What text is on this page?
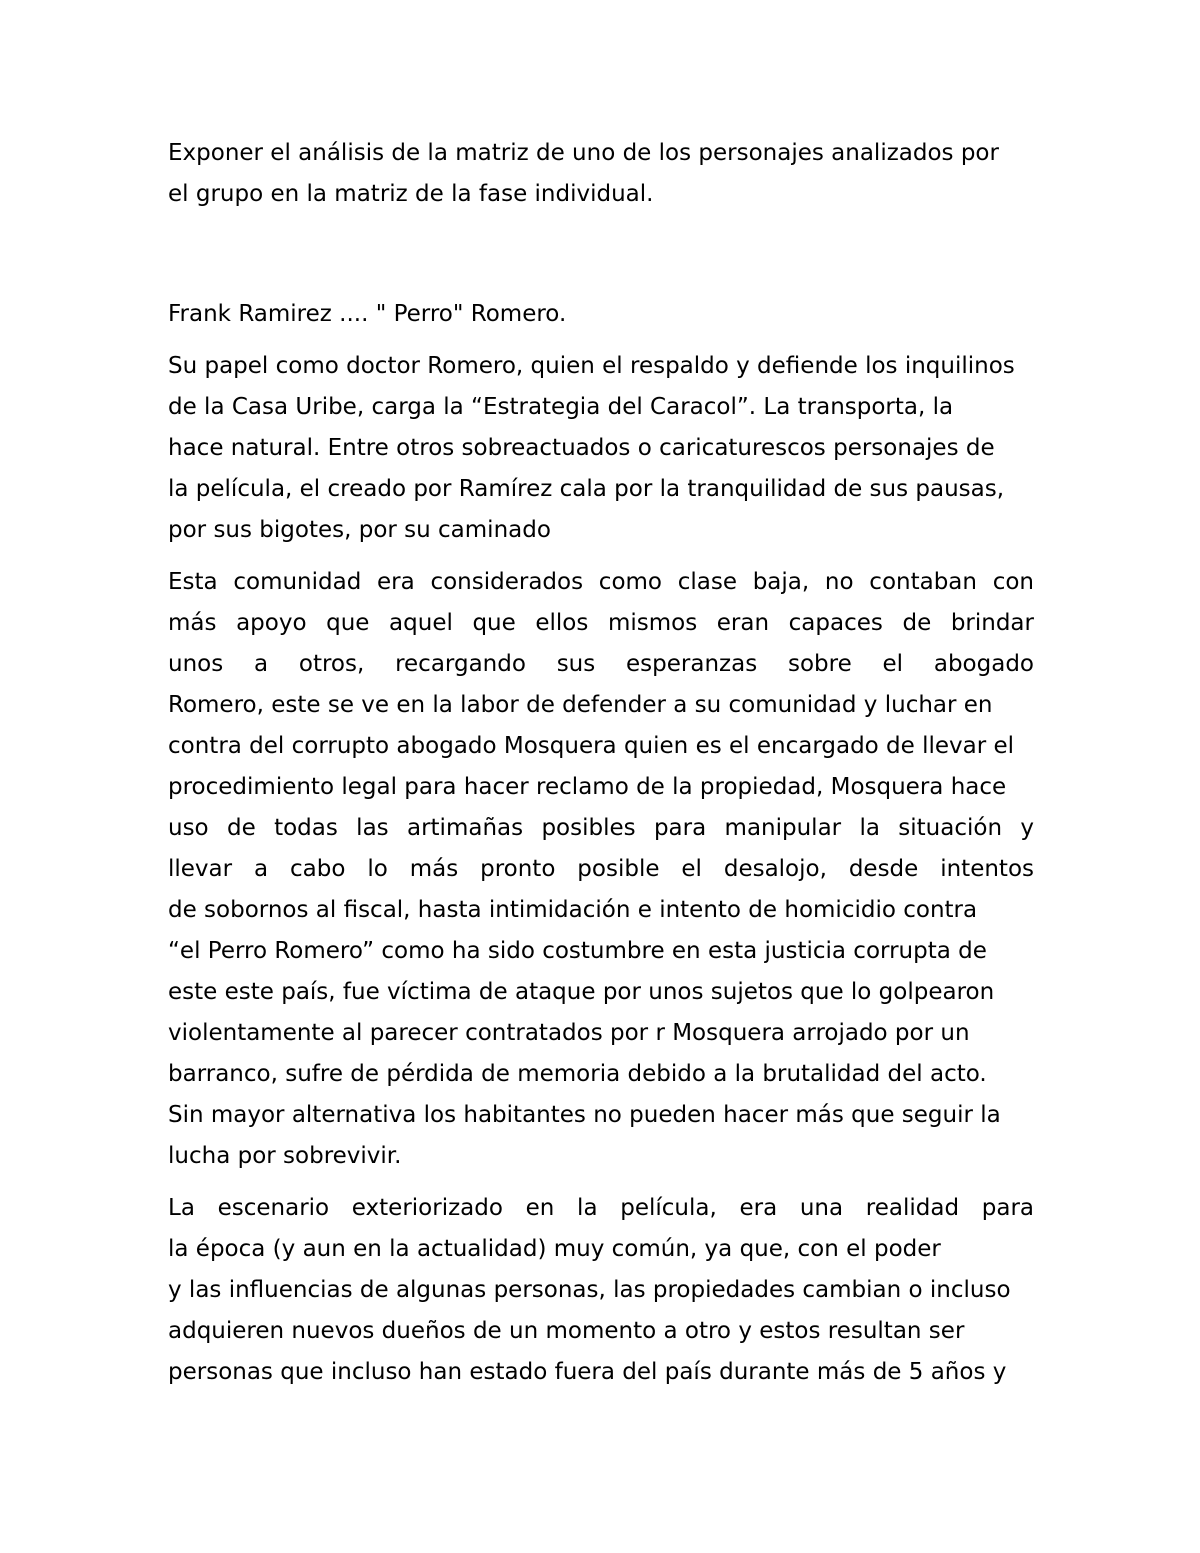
Exponer el análisis de la matriz de uno de los personajes analizados por
el grupo en la matriz de la fase individual.

Frank Ramirez .... " Perro" Romero.

Su papel como doctor Romero, quien el respaldo y defiende los inquilinos
de la Casa Uribe, carga la “Estrategia del Caracol”. La transporta, la
hace natural. Entre otros sobreactuados o caricaturescos personajes de
la película, el creado por Ramírez cala por la tranquilidad de sus pausas,
por sus bigotes, por su caminado

Esta comunidad era considerados como clase baja, no contaban con
más apoyo que aquel que ellos mismos eran capaces de brindar
unos a otros, recargando sus esperanzas sobre el abogado
Romero, este se ve en la labor de defender a su comunidad y luchar en
contra del corrupto abogado Mosquera quien es el encargado de llevar el
procedimiento legal para hacer reclamo de la propiedad, Mosquera hace
uso de todas las artimañas posibles para manipular la situación y
llevar a cabo lo más pronto posible el desalojo, desde intentos
de sobornos al fiscal, hasta intimidación e intento de homicidio contra
“el Perro Romero” como ha sido costumbre en esta justicia corrupta de
este este país, fue víctima de ataque por unos sujetos que lo golpearon
violentamente al parecer contratados por r Mosquera arrojado por un
barranco, sufre de pérdida de memoria debido a la brutalidad del acto.
Sin mayor alternativa los habitantes no pueden hacer más que seguir la
lucha por sobrevivir.

La escenario exteriorizado en la película, era una realidad para
la época (y aun en la actualidad) muy común, ya que, con el poder
y las influencias de algunas personas, las propiedades cambian o incluso
adquieren nuevos dueños de un momento a otro y estos resultan ser
personas que incluso han estado fuera del país durante más de 5 años y
